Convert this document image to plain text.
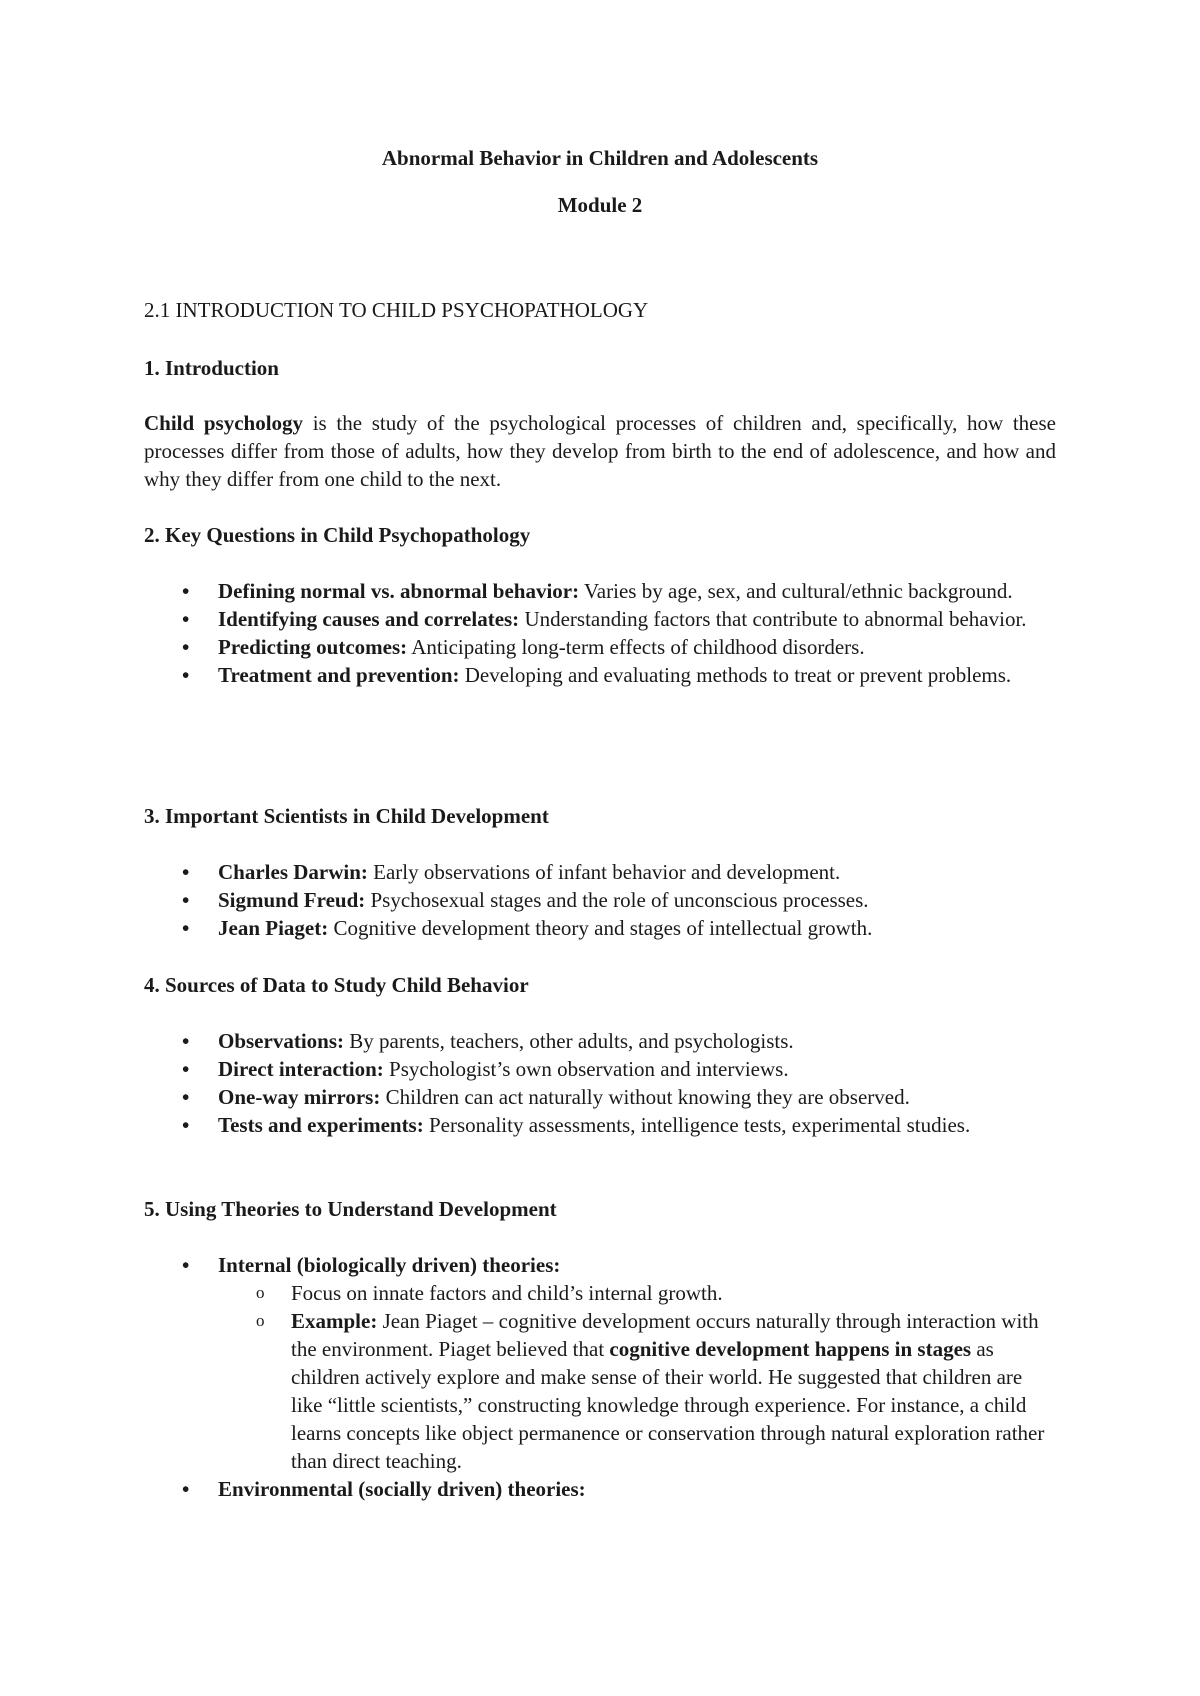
Abnormal Behavior in Children and Adolescents
Module 2
2.1 INTRODUCTION TO CHILD PSYCHOPATHOLOGY
1. Introduction
Child psychology is the study of the psychological processes of children and, specifically, how these processes differ from those of adults, how they develop from birth to the end of adolescence, and how and why they differ from one child to the next.
2. Key Questions in Child Psychopathology
• Defining normal vs. abnormal behavior: Varies by age, sex, and cultural/ethnic background.
• Identifying causes and correlates: Understanding factors that contribute to abnormal behavior.
• Predicting outcomes: Anticipating long-term effects of childhood disorders.
• Treatment and prevention: Developing and evaluating methods to treat or prevent problems.
3. Important Scientists in Child Development
• Charles Darwin: Early observations of infant behavior and development.
• Sigmund Freud: Psychosexual stages and the role of unconscious processes.
• Jean Piaget: Cognitive development theory and stages of intellectual growth.
4. Sources of Data to Study Child Behavior
• Observations: By parents, teachers, other adults, and psychologists.
• Direct interaction: Psychologist’s own observation and interviews.
• One-way mirrors: Children can act naturally without knowing they are observed.
• Tests and experiments: Personality assessments, intelligence tests, experimental studies.
5. Using Theories to Understand Development
• Internal (biologically driven) theories:
o Focus on innate factors and child’s internal growth.
o Example: Jean Piaget – cognitive development occurs naturally through interaction with the environment. Piaget believed that cognitive development happens in stages as children actively explore and make sense of their world. He suggested that children are like “little scientists,” constructing knowledge through experience. For instance, a child learns concepts like object permanence or conservation through natural exploration rather than direct teaching.
• Environmental (socially driven) theories:
